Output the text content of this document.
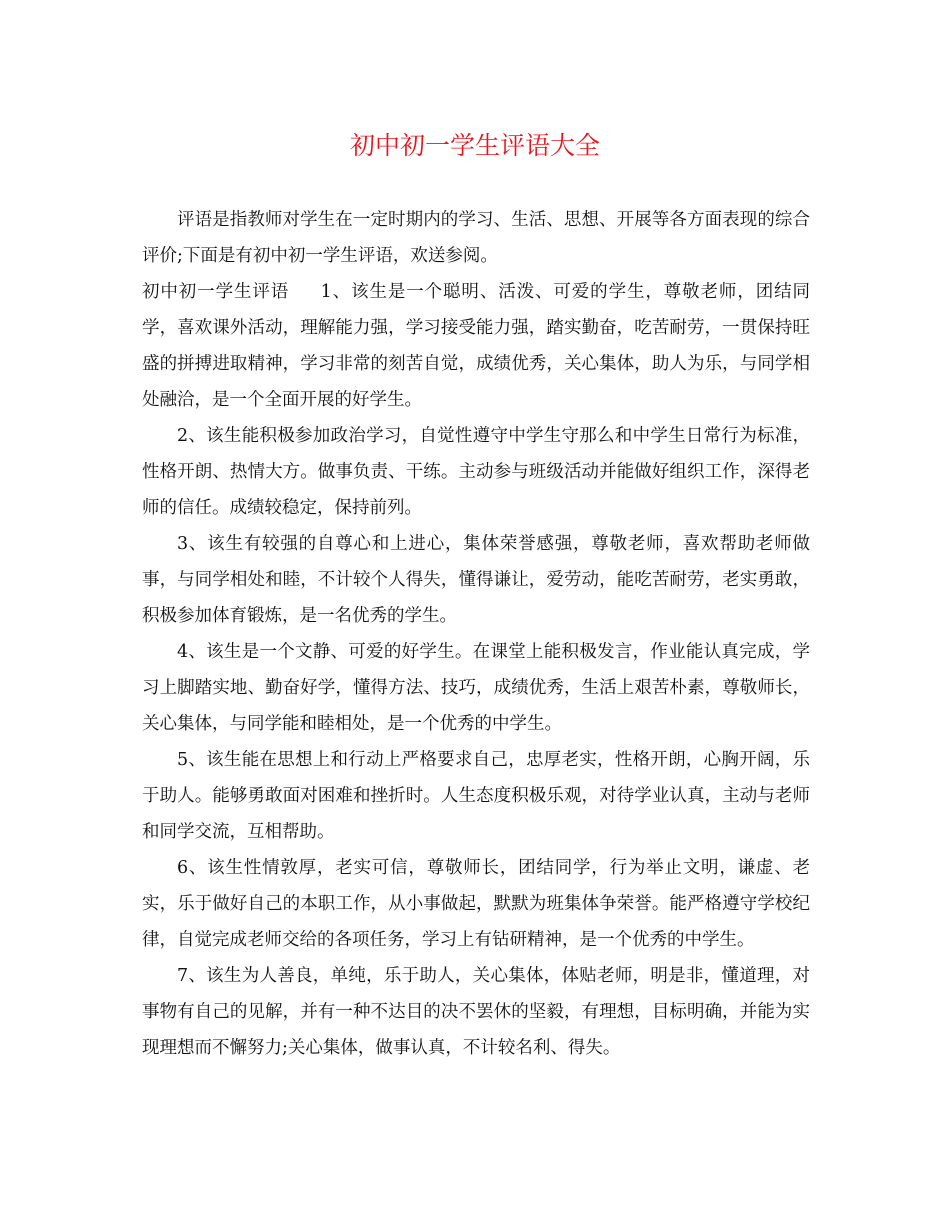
初中初一学生评语大全

评语是指教师对学生在一定时期内的学习、生活、思想、开展等各方面表现的综合评价;下面是有初中初一学生评语，欢送参阅。

初中初一学生评语 1、该生是一个聪明、活泼、可爱的学生，尊敬老师，团结同学，喜欢课外活动，理解能力强，学习接受能力强，踏实勤奋，吃苦耐劳，一贯保持旺盛的拼搏进取精神，学习非常的刻苦自觉，成绩优秀，关心集体，助人为乐，与同学相处融洽，是一个全面开展的好学生。

2、该生能积极参加政治学习，自觉性遵守中学生守那么和中学生日常行为标准，性格开朗、热情大方。做事负责、干练。主动参与班级活动并能做好组织工作，深得老师的信任。成绩较稳定，保持前列。

3、该生有较强的自尊心和上进心，集体荣誉感强，尊敬老师，喜欢帮助老师做事，与同学相处和睦，不计较个人得失，懂得谦让，爱劳动，能吃苦耐劳，老实勇敢，积极参加体育锻炼，是一名优秀的学生。

4、该生是一个文静、可爱的好学生。在课堂上能积极发言，作业能认真完成，学习上脚踏实地、勤奋好学，懂得方法、技巧，成绩优秀，生活上艰苦朴素，尊敬师长，关心集体，与同学能和睦相处，是一个优秀的中学生。

5、该生能在思想上和行动上严格要求自己，忠厚老实，性格开朗，心胸开阔，乐于助人。能够勇敢面对困难和挫折时。人生态度积极乐观，对待学业认真，主动与老师和同学交流，互相帮助。

6、该生性情敦厚，老实可信，尊敬师长，团结同学，行为举止文明，谦虚、老实，乐于做好自己的本职工作，从小事做起，默默为班集体争荣誉。能严格遵守学校纪律，自觉完成老师交给的各项任务，学习上有钻研精神，是一个优秀的中学生。

7、该生为人善良，单纯，乐于助人，关心集体，体贴老师，明是非，懂道理，对事物有自己的见解，并有一种不达目的决不罢休的坚毅，有理想，目标明确，并能为实现理想而不懈努力;关心集体，做事认真，不计较名利、得失。
